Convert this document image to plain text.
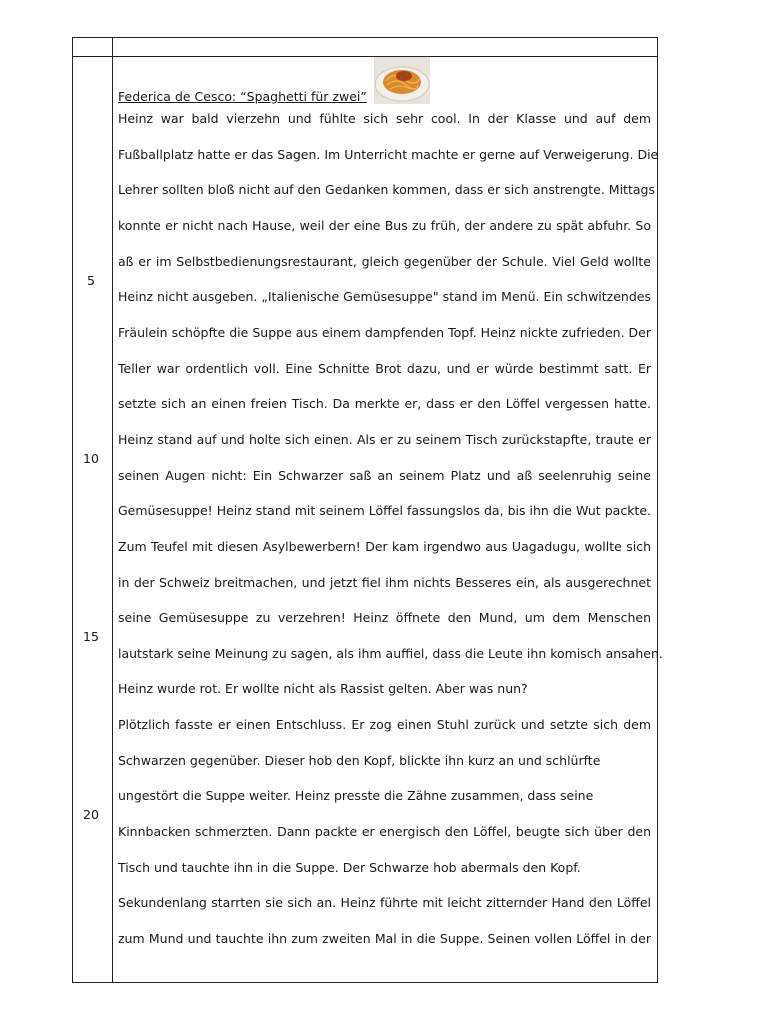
5
10
15
20
Federica de Cesco: “Spaghetti für zwei”
Heinz war bald vierzehn und fühlte sich sehr cool. In der Klasse und auf dem
Fußballplatz hatte er das Sagen. Im Unterricht machte er gerne auf Verweigerung. Die
Lehrer sollten bloß nicht auf den Gedanken kommen, dass er sich anstrengte. Mittags
konnte er nicht nach Hause, weil der eine Bus zu früh, der andere zu spät abfuhr. So
aß er im Selbstbedienungsrestaurant, gleich gegenüber der Schule. Viel Geld wollte
Heinz nicht ausgeben. „Italienische Gemüsesuppe" stand im Menü. Ein schwitzendes
Fräulein schöpfte die Suppe aus einem dampfenden Topf. Heinz nickte zufrieden. Der
Teller war ordentlich voll. Eine Schnitte Brot dazu, und er würde bestimmt satt. Er
setzte sich an einen freien Tisch. Da merkte er, dass er den Löffel vergessen hatte.
Heinz stand auf und holte sich einen. Als er zu seinem Tisch zurückstapfte, traute er
seinen Augen nicht: Ein Schwarzer saß an seinem Platz und aß seelenruhig seine
Gemüsesuppe! Heinz stand mit seinem Löffel fassungslos da, bis ihn die Wut packte.
Zum Teufel mit diesen Asylbewerbern! Der kam irgendwo aus Uagadugu, wollte sich
in der Schweiz breitmachen, und jetzt fiel ihm nichts Besseres ein, als ausgerechnet
seine Gemüsesuppe zu verzehren! Heinz öffnete den Mund, um dem Menschen
lautstark seine Meinung zu sagen, als ihm auffiel, dass die Leute ihn komisch ansahen.
Heinz wurde rot. Er wollte nicht als Rassist gelten. Aber was nun?
Plötzlich fasste er einen Entschluss. Er zog einen Stuhl zurück und setzte sich dem
Schwarzen gegenüber. Dieser hob den Kopf, blickte ihn kurz an und schlürfte
ungestört die Suppe weiter. Heinz presste die Zähne zusammen, dass seine
Kinnbacken schmerzten. Dann packte er energisch den Löffel, beugte sich über den
Tisch und tauchte ihn in die Suppe. Der Schwarze hob abermals den Kopf.
Sekundenlang starrten sie sich an. Heinz führte mit leicht zitternder Hand den Löffel
zum Mund und tauchte ihn zum zweiten Mal in die Suppe. Seinen vollen Löffel in der
